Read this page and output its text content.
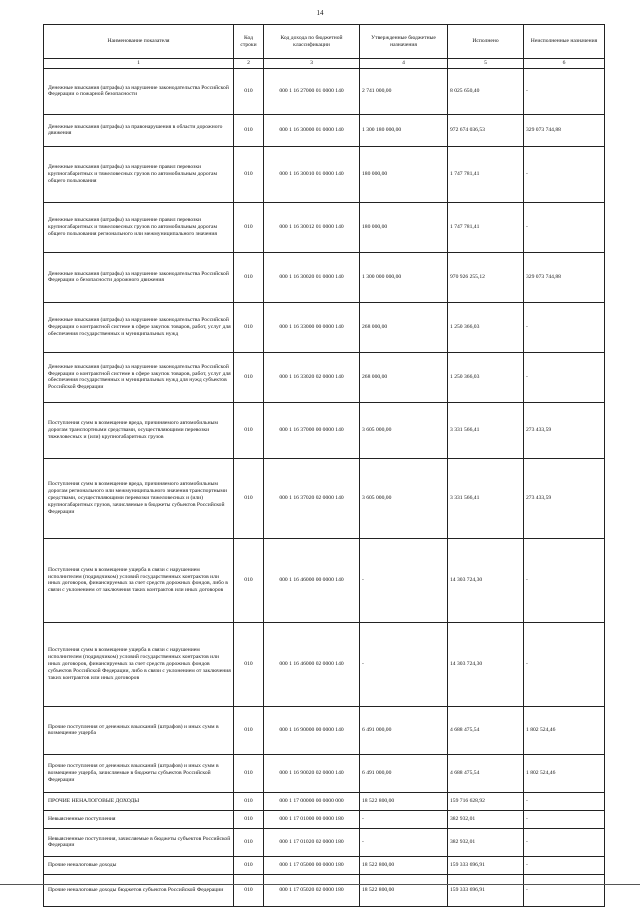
14
Наименование показателя	Код строки	Код дохода по бюджетной классификации	Утвержденные бюджетные назначения	Исполнено	Неисполненные назначения
1	2	3	4	5	6
Денежные взыскания (штрафы) за нарушение законодательства Российской Федерации о пожарной безопасности	010	000 1 16 27000 01 0000 140	2 741 000,00	8 025 650,40	-
Денежные взыскания (штрафы) за правонарушения в области дорожного движения	010	000 1 16 30000 01 0000 140	1 300 180 000,00	972 674 036,53	329 073 744,88
Денежные взыскания (штрафы) за нарушение правил перевозки крупногабаритных и тяжеловесных грузов по автомобильным дорогам общего пользования	010	000 1 16 30010 01 0000 140	180 000,00	1 747 781,41	-
Денежные взыскания (штрафы) за нарушение правил перевозки крупногабаритных и тяжеловесных грузов по автомобильным дорогам общего пользования регионального или межмуниципального значения	010	000 1 16 30012 01 0000 140	180 000,00	1 747 781,41	-
Денежные взыскания (штрафы) за нарушение законодательства Российской Федерации о безопасности дорожного движения	010	000 1 16 30020 01 0000 140	1 300 000 000,00	970 926 255,12	329 073 744,88
Денежные взыскания (штрафы) за нарушение законодательства Российской Федерации о контрактной системе в сфере закупок товаров, работ, услуг для обеспечения государственных и муниципальных нужд	010	000 1 16 33000 00 0000 140	268 000,00	1 250 366,03	-
Денежные взыскания (штрафы) за нарушение законодательства Российской Федерации о контрактной системе в сфере закупок товаров, работ, услуг для обеспечения государственных и муниципальных нужд для нужд субъектов Российской Федерации	010	000 1 16 33020 02 0000 140	268 000,00	1 250 366,03	-
Поступления сумм в возмещение вреда, причиняемого автомобильным дорогам транспортными средствами, осуществляющими перевозки тяжеловесных и (или) крупногабаритных грузов	010	000 1 16 37000 00 0000 140	3 605 000,00	3 331 566,41	273 433,59
Поступления сумм в возмещение вреда, причиняемого автомобильным дорогам регионального или межмуниципального значения транспортными средствами, осуществляющими перевозки тяжеловесных и (или) крупногабаритных грузов, зачисляемые в бюджеты субъектов Российской Федерации	010	000 1 16 37020 02 0000 140	3 605 000,00	3 331 566,41	273 433,59
Поступления сумм в возмещение ущерба в связи с нарушением исполнителем (подрядчиком) условий государственных контрактов или иных договоров, финансируемых за счет средств дорожных фондов, либо в связи с уклонением от заключения таких контрактов или иных договоров	010	000 1 16 46000 00 0000 140	-	14 303 724,30	-
Поступления сумм в возмещение ущерба в связи с нарушением исполнителем (подрядчиком) условий государственных контрактов или иных договоров, финансируемых за счет средств дорожных фондов субъектов Российской Федерации, либо в связи с уклонением от заключения таких контрактов или иных договоров	010	000 1 16 46000 02 0000 140	-	14 303 724,30	-
Прочие поступления от денежных взысканий (штрафов) и иных сумм в возмещение ущерба	010	000 1 16 90000 00 0000 140	6 491 000,00	4 688 475,54	1 802 524,46
Прочие поступления от денежных взысканий (штрафов) и иных сумм в возмещение ущерба, зачисляемые в бюджеты субъектов Российской Федерации	010	000 1 16 90020 02 0000 140	6 491 000,00	4 688 475,54	1 802 524,46
ПРОЧИЕ НЕНАЛОГОВЫЕ ДОХОДЫ	010	000 1 17 00000 00 0000 000	18 522 800,00	159 716 628,92	-
Невыясненные поступления	010	000 1 17 01000 00 0000 180	-	382 932,01	-
Невыясненные поступления, зачисляемые в бюджеты субъектов Российской Федерации	010	000 1 17 01020 02 0000 180	-	382 932,01	-
Прочие неналоговые доходы	010	000 1 17 05000 00 0000 180	18 522 800,00	159 333 696,91	-
Прочие неналоговые доходы бюджетов субъектов Российской Федерации	010	000 1 17 05020 02 0000 180	18 522 800,00	159 333 696,91	-
